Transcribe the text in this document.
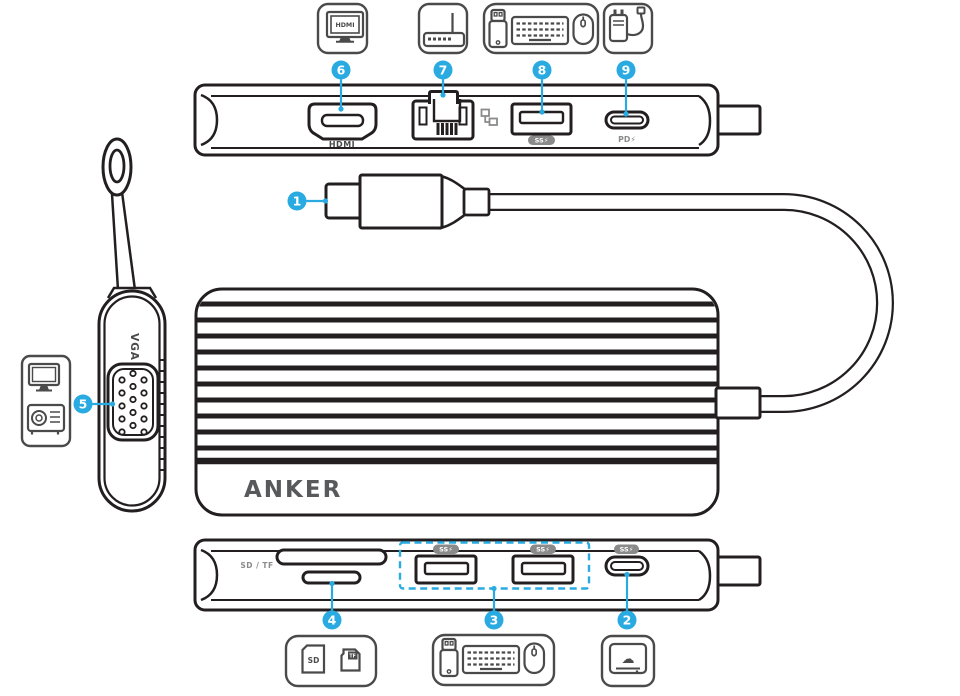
HDMI
HDMI	SS⚡	PD⚡
6	7	8	9
ANKER
1
VGA
5
SD / TF
SS⚡	SS⚡	SS⚡
4	3	2
SD	TF	☁
